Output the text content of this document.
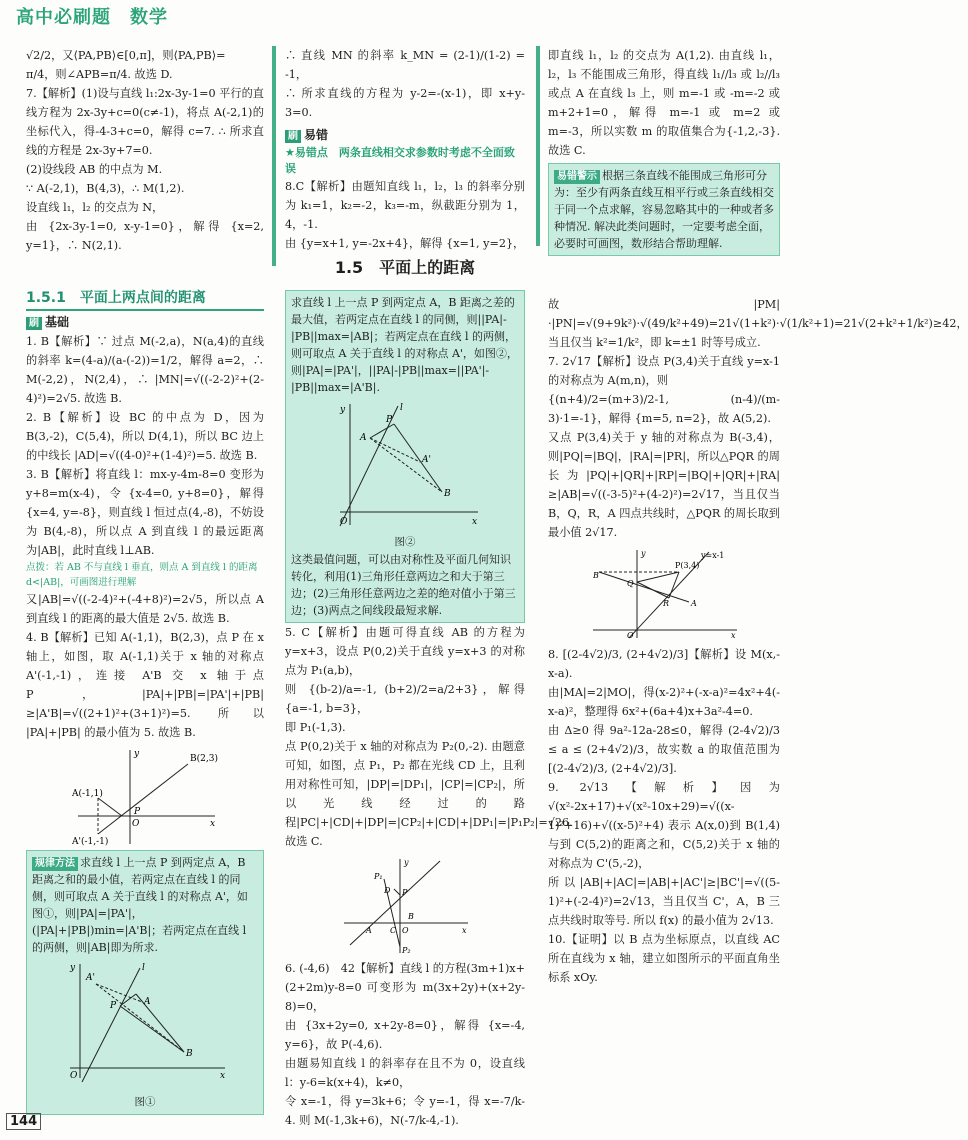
高中必刷题　数学

√2/2，又⟨PA,PB⟩∈[0,π]，则⟨PA,PB⟩=

π/4，则∠APB=π/4. 故选 D.

7.【解析】(1)设与直线 l₁:2x-3y-1=0 平行的直线方程为 2x-3y+c=0(c≠-1)，将点 A(-2,1)的坐标代入，得-4-3+c=0，解得 c=7. ∴ 所求直线的方程是 2x-3y+7=0.

(2)设线段 AB 的中点为 M.

∵ A(-2,1)，B(4,3)，∴ M(1,2).

设直线 l₁，l₂ 的交点为 N，

由 {2x-3y-1=0, x-y-1=0}，解得 {x=2, y=1}，∴ N(2,1).

1.5.1　平面上两点间的距离
刷 基础

1. B【解析】∵ 过点 M(-2,a)，N(a,4)的直线的斜率 k=(4-a)/(a-(-2))=1/2，解得 a=2，∴ M(-2,2)，N(2,4)，∴ |MN|=√((-2-2)²+(2-4)²)=2√5. 故选 B.

2. B【解析】设 BC 的中点为 D，因为 B(3,-2)，C(5,4)，所以 D(4,1)，所以 BC 边上的中线长 |AD|=√((4-0)²+(1-4)²)=5. 故选 B.

3. B【解析】将直线 l：mx-y-4m-8=0 变形为 y+8=m(x-4)，令 {x-4=0, y+8=0}，解得 {x=4, y=-8}，则直线 l 恒过点(4,-8)，不妨设为 B(4,-8)，所以点 A 到直线 l 的最远距离为|AB|，此时直线 l⊥AB.

点拨：若 AB 不与直线 l 垂直，则点 A 到直线 l 的距离 d<|AB|，可画图进行理解

又|AB|=√((-2-4)²+(-4+8)²)=2√5，所以点 A 到直线 l 的距离的最大值是 2√5. 故选 B.

4. B【解析】已知 A(-1,1)，B(2,3)，点 P 在 x 轴上，如图，取 A(-1,1)关于 x 轴的对称点 A'(-1,-1)，连接 A'B 交 x 轴于点 P，|PA|+|PB|=|PA'|+|PB|≥|A'B|=√((2+1)²+(3+1)²)=5. 所以 |PA|+|PB| 的最小值为 5. 故选 B.

B(2,3)
A(-1,1)
A'(-1,-1)
P
O	x
y
规律方法 求直线 l 上一点 P 到两定点 A，B 距离之和的最小值，若两定点在直线 l 的同侧，则可取点 A 关于直线 l 的对称点 A'，如图①，则|PA|=|PA'|，(|PA|+|PB|)min=|A'B|；若两定点在直线 l 的两侧，则|AB|即为所求.
A'
A
P
B
l
O	x
y
图①

∴ 直线 MN 的斜率 k_MN = (2-1)/(1-2) = -1，

∴ 所求直线的方程为 y-2=-(x-1)，即 x+y-3=0.

刷 易错

★易错点　两条直线相交求参数时考虑不全面致误

8.C【解析】由题知直线 l₁，l₂，l₃ 的斜率分别为 k₁=1，k₂=-2，k₃=-m，纵截距分别为 1，4，-1.

由 {y=x+1, y=-2x+4}，解得 {x=1, y=2}，

1.5　平面上的距离
求直线 l 上一点 P 到两定点 A，B 距离之差的最大值，若两定点在直线 l 的同侧，则||PA|-|PB||max=|AB|；若两定点在直线 l 的两侧，则可取点 A 关于直线 l 的对称点 A'，如图②，则|PA|=|PA'|，||PA|-|PB||max=||PA'|-|PB||max=|A'B|.
A
P
A'
B
l
O	x
y
图②
这类最值问题，可以由对称性及平面几何知识转化，利用(1)三角形任意两边之和大于第三边；(2)三角形任意两边之差的绝对值小于第三边；(3)两点之间线段最短求解.

5. C【解析】由题可得直线 AB 的方程为 y=x+3，设点 P(0,2)关于直线 y=x+3 的对称点为 P₁(a,b)，

则 {(b-2)/a=-1, (b+2)/2=a/2+3}，解得 {a=-1, b=3}，

即 P₁(-1,3).

点 P(0,2)关于 x 轴的对称点为 P₂(0,-2). 由题意可知，如图，点 P₁，P₂ 都在光线 CD 上，且利用对称性可知，|DP|=|DP₁|，|CP|=|CP₂|，所以光线经过的路程|PC|+|CD|+|DP|=|CP₂|+|CD|+|DP₁|=|P₁P₂|=√26. 故选 C.

P₁
D P
A C
B
P₂
O	x
y

6. (-4,6)　42【解析】直线 l 的方程(3m+1)x+(2+2m)y-8=0 可变形为 m(3x+2y)+(x+2y-8)=0，

由 {3x+2y=0, x+2y-8=0}，解得 {x=-4, y=6}，故 P(-4,6).

由题易知直线 l 的斜率存在且不为 0，设直线 l：y-6=k(x+4)，k≠0，

令 x=-1，得 y=3k+6；令 y=-1，得 x=-7/k-4. 则 M(-1,3k+6)，N(-7/k-4,-1).

即直线 l₁，l₂ 的交点为 A(1,2). 由直线 l₁，l₂，l₃ 不能围成三角形，得直线 l₁//l₃ 或 l₂//l₃ 或点 A 在直线 l₃ 上，则 m=-1 或 -m=-2 或 m+2+1=0，解得 m=-1 或 m=2 或 m=-3，所以实数 m 的取值集合为{-1,2,-3}. 故选 C.

易错警示 根据三条直线不能围成三角形可分为：至少有两条直线互相平行或三条直线相交于同一个点求解，容易忽略其中的一种或者多种情况. 解决此类问题时，一定要考虑全面，必要时可画图，数形结合帮助理解.

故|PM|·|PN|=√(9+9k²)·√(49/k²+49)=21√(1+k²)·√(1/k²+1)=21√(2+k²+1/k²)≥42，当且仅当 k²=1/k²，即 k=±1 时等号成立.

7. 2√17【解析】设点 P(3,4)关于直线 y=x-1 的对称点为 A(m,n)，则

{(n+4)/2=(m+3)/2-1, (n-4)/(m-3)·1=-1}，解得 {m=5, n=2}，故 A(5,2).

又点 P(3,4)关于 y 轴的对称点为 B(-3,4)，则|PQ|=|BQ|，|RA|=|PR|，所以△PQR 的周长为|PQ|+|QR|+|RP|=|BQ|+|QR|+|RA|≥|AB|=√((-3-5)²+(4-2)²)=2√17，当且仅当 B，Q，R，A 四点共线时，△PQR 的周长取到最小值 2√17.

y=x-1
P(3,4)
B
Q
R	A
O	x
y

8. [(2-4√2)/3, (2+4√2)/3]【解析】设 M(x,-x-a).

由|MA|=2|MO|，得(x-2)²+(-x-a)²=4x²+4(-x-a)²，整理得 6x²+(6a+4)x+3a²-4=0.

由 Δ≥0 得 9a²-12a-28≤0，解得 (2-4√2)/3 ≤ a ≤ (2+4√2)/3，故实数 a 的取值范围为 [(2-4√2)/3, (2+4√2)/3].

9. 2√13【解析】因为 √(x²-2x+17)+√(x²-10x+29)=√((x-1)²+16)+√((x-5)²+4) 表示 A(x,0)到 B(1,4)与到 C(5,2)的距离之和，C(5,2)关于 x 轴的对称点为 C'(5,-2)，

所以|AB|+|AC|=|AB|+|AC'|≥|BC'|=√((5-1)²+(-2-4)²)=2√13，当且仅当 C'，A，B 三点共线时取等号. 所以 f(x) 的最小值为 2√13.

10.【证明】以 B 点为坐标原点，以直线 AC 所在直线为 x 轴，建立如图所示的平面直角坐标系 xOy.

144
